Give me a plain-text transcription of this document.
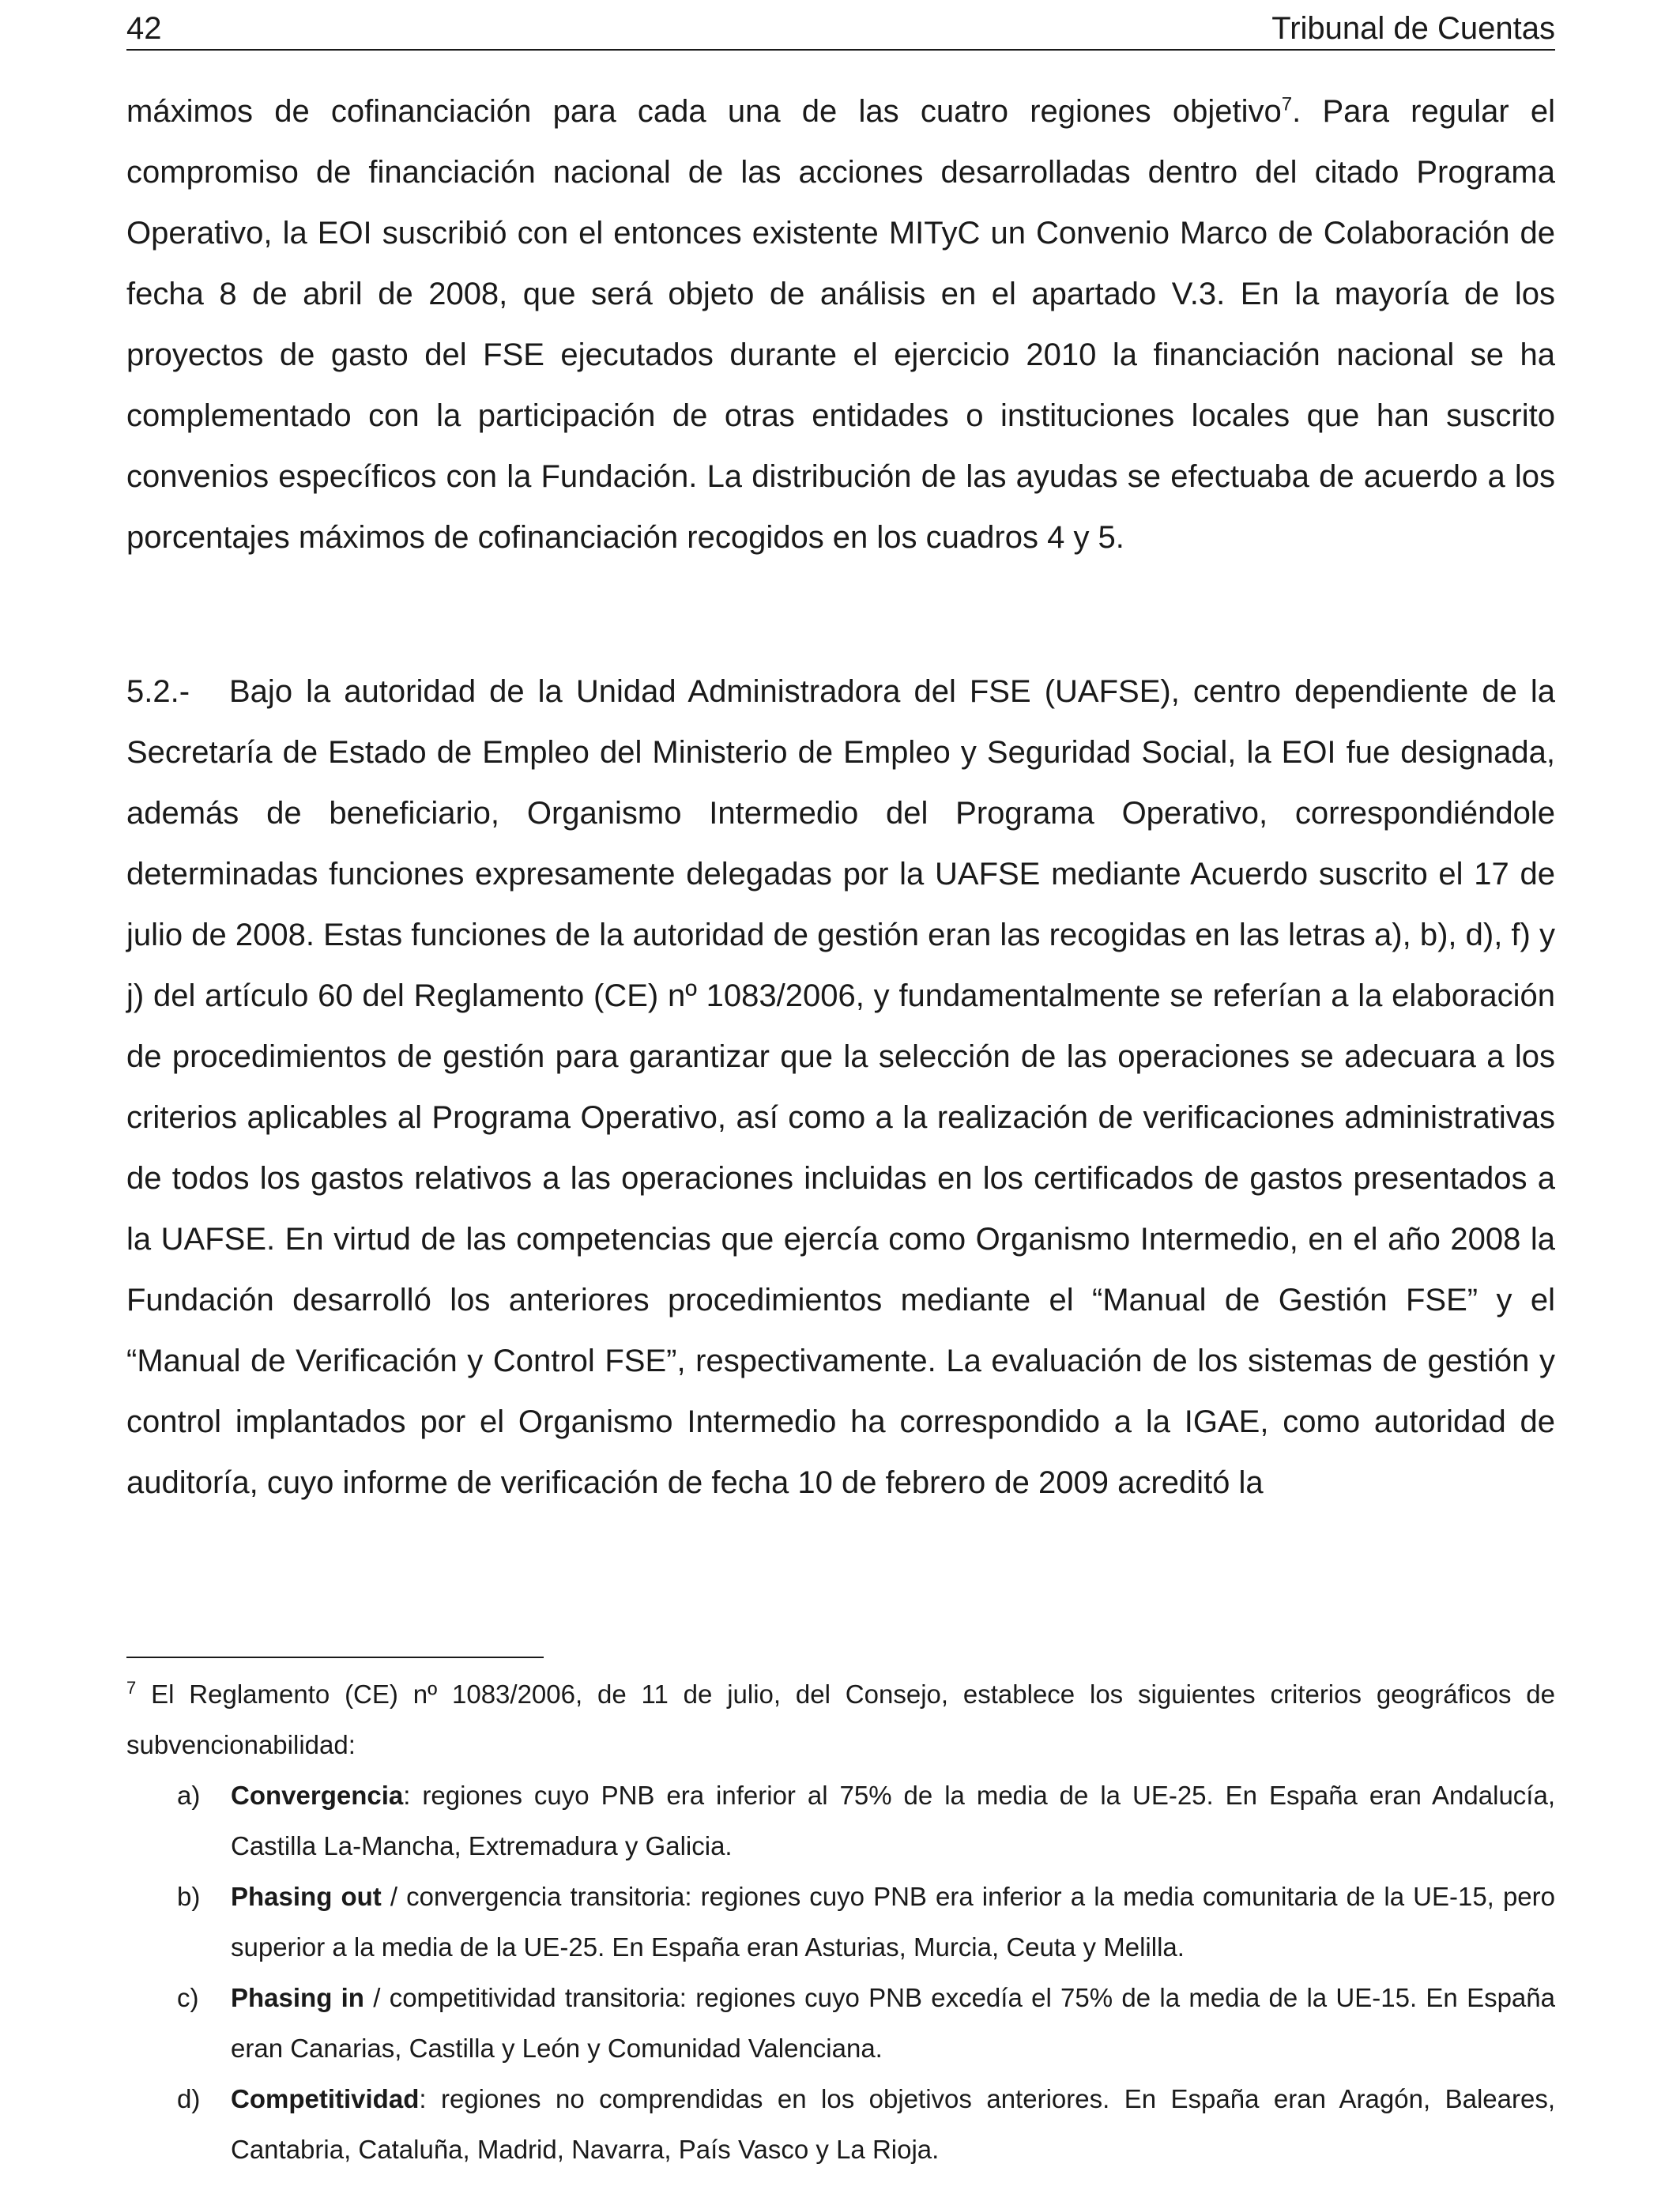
42	Tribunal de Cuentas

máximos de cofinanciación para cada una de las cuatro regiones objetivo$^7$. Para regular el compromiso de financiación nacional de las acciones desarrolladas dentro del citado Programa Operativo, la EOI suscribió con el entonces existente MITyC un Convenio Marco de Colaboración de fecha 8 de abril de 2008, que será objeto de análisis en el apartado V.3. En la mayoría de los proyectos de gasto del FSE ejecutados durante el ejercicio 2010 la financiación nacional se ha complementado con la participación de otras entidades o instituciones locales que han suscrito convenios específicos con la Fundación. La distribución de las ayudas se efectuaba de acuerdo a los porcentajes máximos de cofinanciación recogidos en los cuadros 4 y 5.

5.2.- Bajo la autoridad de la Unidad Administradora del FSE (UAFSE), centro dependiente de la Secretaría de Estado de Empleo del Ministerio de Empleo y Seguridad Social, la EOI fue designada, además de beneficiario, Organismo Intermedio del Programa Operativo, correspondiéndole determinadas funciones expresamente delegadas por la UAFSE mediante Acuerdo suscrito el 17 de julio de 2008. Estas funciones de la autoridad de gestión eran las recogidas en las letras a), b), d), f) y j) del artículo 60 del Reglamento (CE) nº 1083/2006, y fundamentalmente se referían a la elaboración de procedimientos de gestión para garantizar que la selección de las operaciones se adecuara a los criterios aplicables al Programa Operativo, así como a la realización de verificaciones administrativas de todos los gastos relativos a las operaciones incluidas en los certificados de gastos presentados a la UAFSE. En virtud de las competencias que ejercía como Organismo Intermedio, en el año 2008 la Fundación desarrolló los anteriores procedimientos mediante el “Manual de Gestión FSE” y el “Manual de Verificación y Control FSE”, respectivamente. La evaluación de los sistemas de gestión y control implantados por el Organismo Intermedio ha correspondido a la IGAE, como autoridad de auditoría, cuyo informe de verificación de fecha 10 de febrero de 2009 acreditó la

$^7$ El Reglamento (CE) nº 1083/2006, de 11 de julio, del Consejo, establece los siguientes criterios geográficos de subvencionabilidad:

a) Convergencia: regiones cuyo PNB era inferior al 75% de la media de la UE-25. En España eran Andalucía, Castilla La-Mancha, Extremadura y Galicia.
b) Phasing out / convergencia transitoria: regiones cuyo PNB era inferior a la media comunitaria de la UE-15, pero superior a la media de la UE-25. En España eran Asturias, Murcia, Ceuta y Melilla.
c) Phasing in / competitividad transitoria: regiones cuyo PNB excedía el 75% de la media de la UE-15. En España eran Canarias, Castilla y León y Comunidad Valenciana.
d) Competitividad: regiones no comprendidas en los objetivos anteriores. En España eran Aragón, Baleares, Cantabria, Cataluña, Madrid, Navarra, País Vasco y La Rioja.
